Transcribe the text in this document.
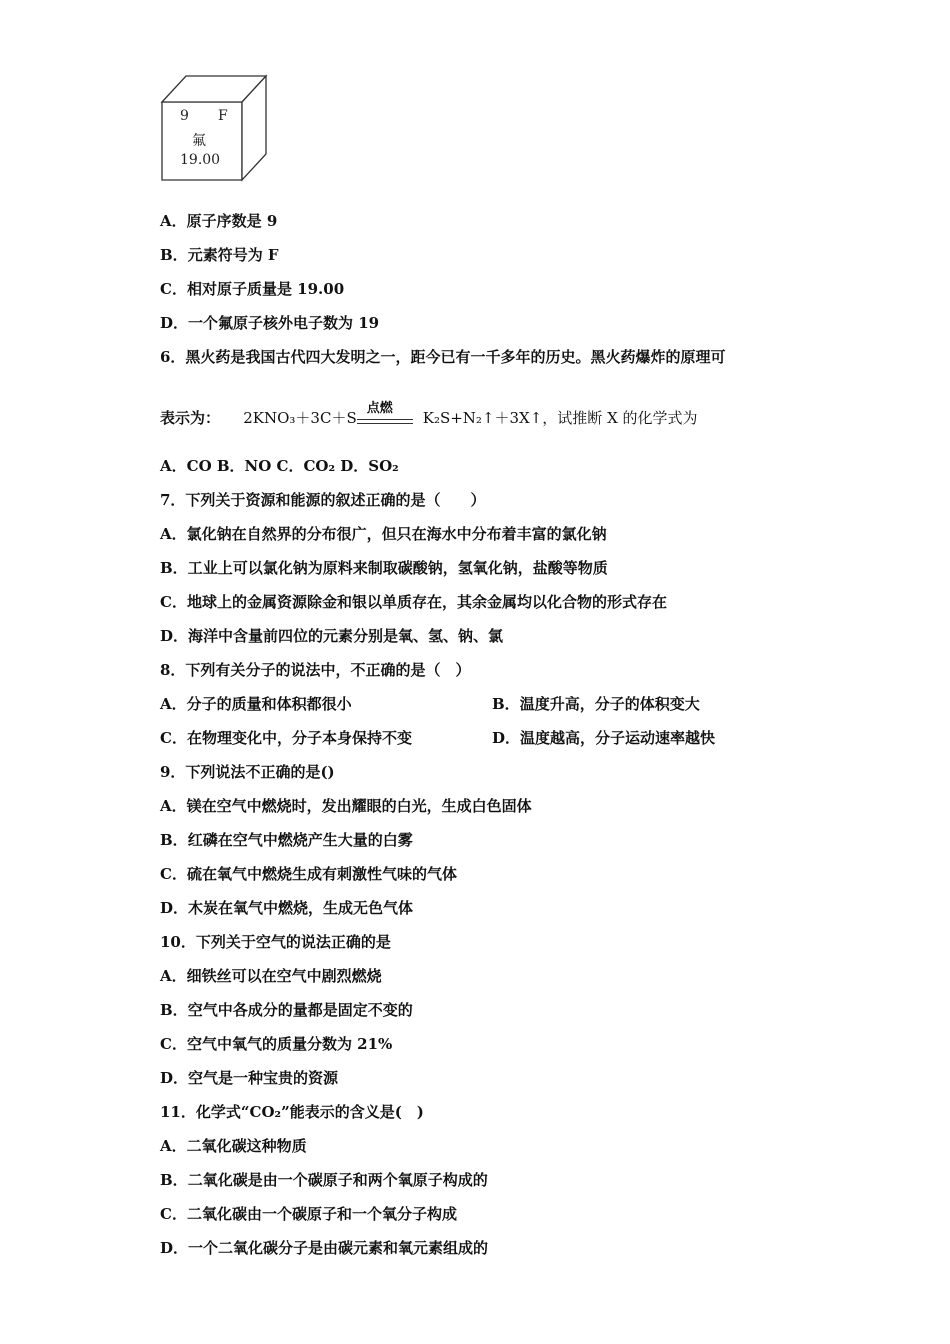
9 F
氟
19.00
A．原子序数是 9
B．元素符号为 F
C．相对原子质量是 19.00
D．一个氟原子核外电子数为 19
6．黑火药是我国古代四大发明之一，距今已有一千多年的历史。黑火药爆炸的原理可
表示为： 2KNO₃＋3C＋S
点燃
K₂S+N₂↑＋3X↑，试推断 X 的化学式为
A．CO B．NO C．CO₂ D．SO₂
7．下列关于资源和能源的叙述正确的是（　　）
A．氯化钠在自然界的分布很广，但只在海水中分布着丰富的氯化钠
B．工业上可以氯化钠为原料来制取碳酸钠，氢氧化钠，盐酸等物质
C．地球上的金属资源除金和银以单质存在，其余金属均以化合物的形式存在
D．海洋中含量前四位的元素分别是氧、氢、钠、氯
8．下列有关分子的说法中，不正确的是（　）
A．分子的质量和体积都很小	B．温度升高，分子的体积变大
C．在物理变化中，分子本身保持不变	D．温度越高，分子运动速率越快
9．下列说法不正确的是()
A．镁在空气中燃烧时，发出耀眼的白光，生成白色固体
B．红磷在空气中燃烧产生大量的白雾
C．硫在氧气中燃烧生成有刺激性气味的气体
D．木炭在氧气中燃烧，生成无色气体
10．下列关于空气的说法正确的是
A．细铁丝可以在空气中剧烈燃烧
B．空气中各成分的量都是固定不变的
C．空气中氧气的质量分数为 21%
D．空气是一种宝贵的资源
11．化学式“CO₂”能表示的含义是(　)
A．二氧化碳这种物质
B．二氧化碳是由一个碳原子和两个氧原子构成的
C．二氧化碳由一个碳原子和一个氧分子构成
D．一个二氧化碳分子是由碳元素和氧元素组成的
